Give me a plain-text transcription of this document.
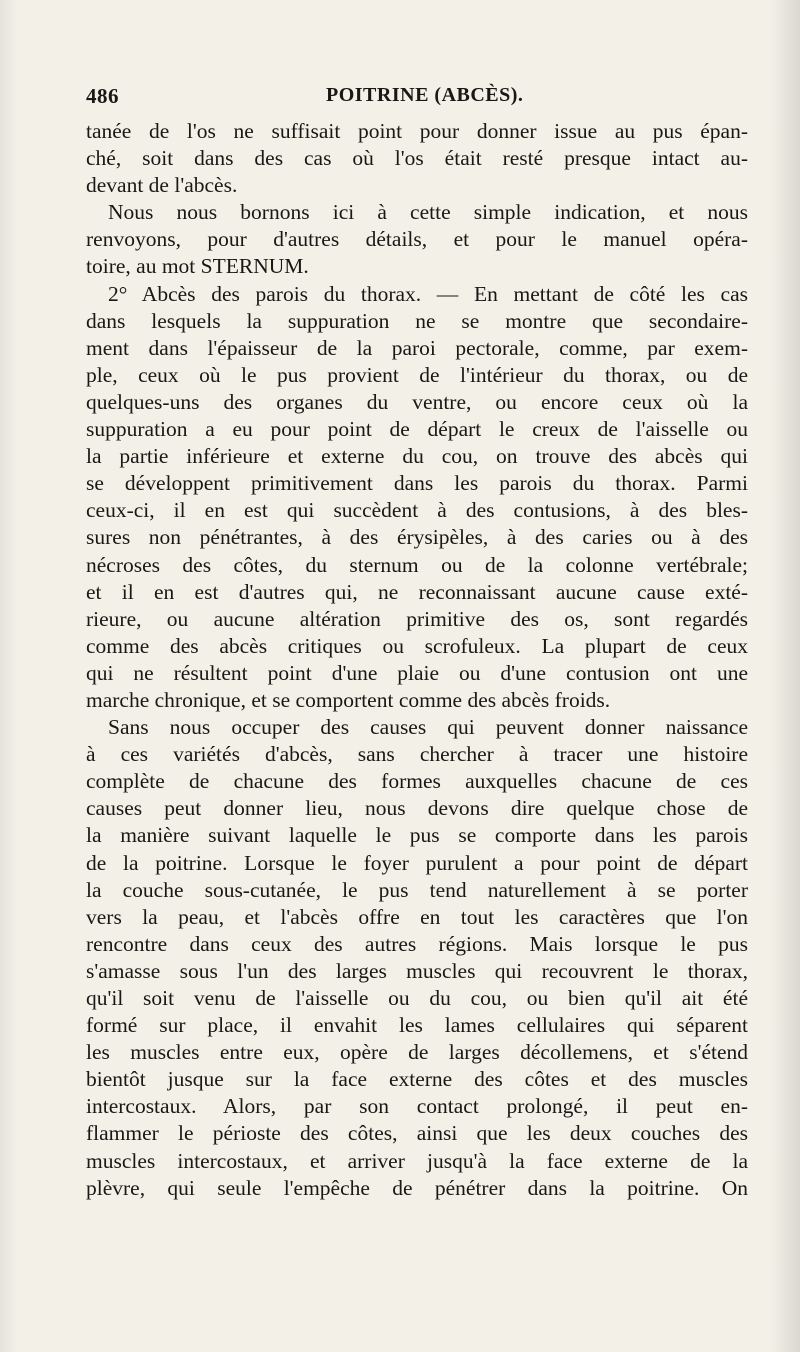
486	POITRINE (ABCÈS).
tanée de l'os ne suffisait point pour donner issue au pus épan-
ché, soit dans des cas où l'os était resté presque intact au-
devant de l'abcès.
Nous nous bornons ici à cette simple indication, et nous
renvoyons, pour d'autres détails, et pour le manuel opéra-
toire, au mot STERNUM.
2° Abcès des parois du thorax. — En mettant de côté les cas
dans lesquels la suppuration ne se montre que secondaire-
ment dans l'épaisseur de la paroi pectorale, comme, par exem-
ple, ceux où le pus provient de l'intérieur du thorax, ou de
quelques-uns des organes du ventre, ou encore ceux où la
suppuration a eu pour point de départ le creux de l'aisselle ou
la partie inférieure et externe du cou, on trouve des abcès qui
se développent primitivement dans les parois du thorax. Parmi
ceux-ci, il en est qui succèdent à des contusions, à des bles-
sures non pénétrantes, à des érysipèles, à des caries ou à des
nécroses des côtes, du sternum ou de la colonne vertébrale;
et il en est d'autres qui, ne reconnaissant aucune cause exté-
rieure, ou aucune altération primitive des os, sont regardés
comme des abcès critiques ou scrofuleux. La plupart de ceux
qui ne résultent point d'une plaie ou d'une contusion ont une
marche chronique, et se comportent comme des abcès froids.
Sans nous occuper des causes qui peuvent donner naissance
à ces variétés d'abcès, sans chercher à tracer une histoire
complète de chacune des formes auxquelles chacune de ces
causes peut donner lieu, nous devons dire quelque chose de
la manière suivant laquelle le pus se comporte dans les parois
de la poitrine. Lorsque le foyer purulent a pour point de départ
la couche sous-cutanée, le pus tend naturellement à se porter
vers la peau, et l'abcès offre en tout les caractères que l'on
rencontre dans ceux des autres régions. Mais lorsque le pus
s'amasse sous l'un des larges muscles qui recouvrent le thorax,
qu'il soit venu de l'aisselle ou du cou, ou bien qu'il ait été
formé sur place, il envahit les lames cellulaires qui séparent
les muscles entre eux, opère de larges décollemens, et s'étend
bientôt jusque sur la face externe des côtes et des muscles
intercostaux. Alors, par son contact prolongé, il peut en-
flammer le périoste des côtes, ainsi que les deux couches des
muscles intercostaux, et arriver jusqu'à la face externe de la
plèvre, qui seule l'empêche de pénétrer dans la poitrine. On
